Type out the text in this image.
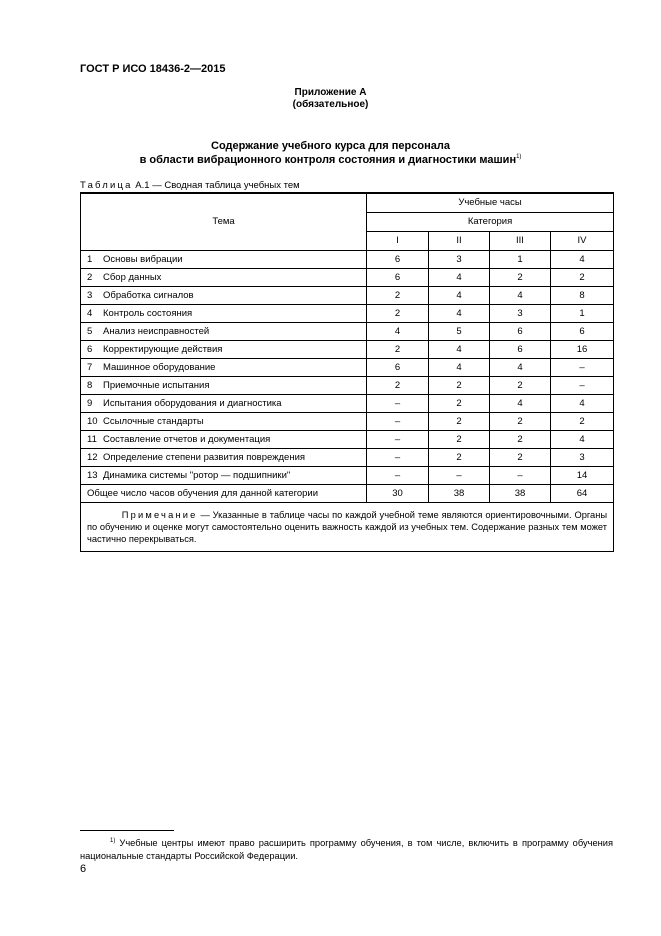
ГОСТ Р ИСО 18436-2—2015
Приложение А
(обязательное)
Содержание учебного курса для персонала
в области вибрационного контроля состояния и диагностики машин$^{1)}$
Таблица А.1 — Сводная таблица учебных тем
Тема	Учебные часы			
	Категория			
	I	II	III	IV
1 Основы вибрации	6	3	1	4
2 Сбор данных	6	4	2	2
3 Обработка сигналов	2	4	4	8
4 Контроль состояния	2	4	3	1
5 Анализ неисправностей	4	5	6	6
6 Корректирующие действия	2	4	6	16
7 Машинное оборудование	6	4	4	–
8 Приемочные испытания	2	2	2	–
9 Испытания оборудования и диагностика	–	2	4	4
10 Ссылочные стандарты	–	2	2	2
11 Составление отчетов и документация	–	2	2	4
12 Определение степени развития повреждения	–	2	2	3
13 Динамика системы "ротор — подшипники"	–	–	–	14
Общее число часов обучения для данной категории	30	38	38	64
Примечание — Указанные в таблице часы по каждой учебной теме являются ориентировочными. Органы по обучению и оценке могут самостоятельно оценить важность каждой из учебных тем. Содержание разных тем может частично перекрываться.				
$^{1)}$ Учебные центры имеют право расширить программу обучения, в том числе, включить в программу обучения национальные стандарты Российской Федерации.
6
